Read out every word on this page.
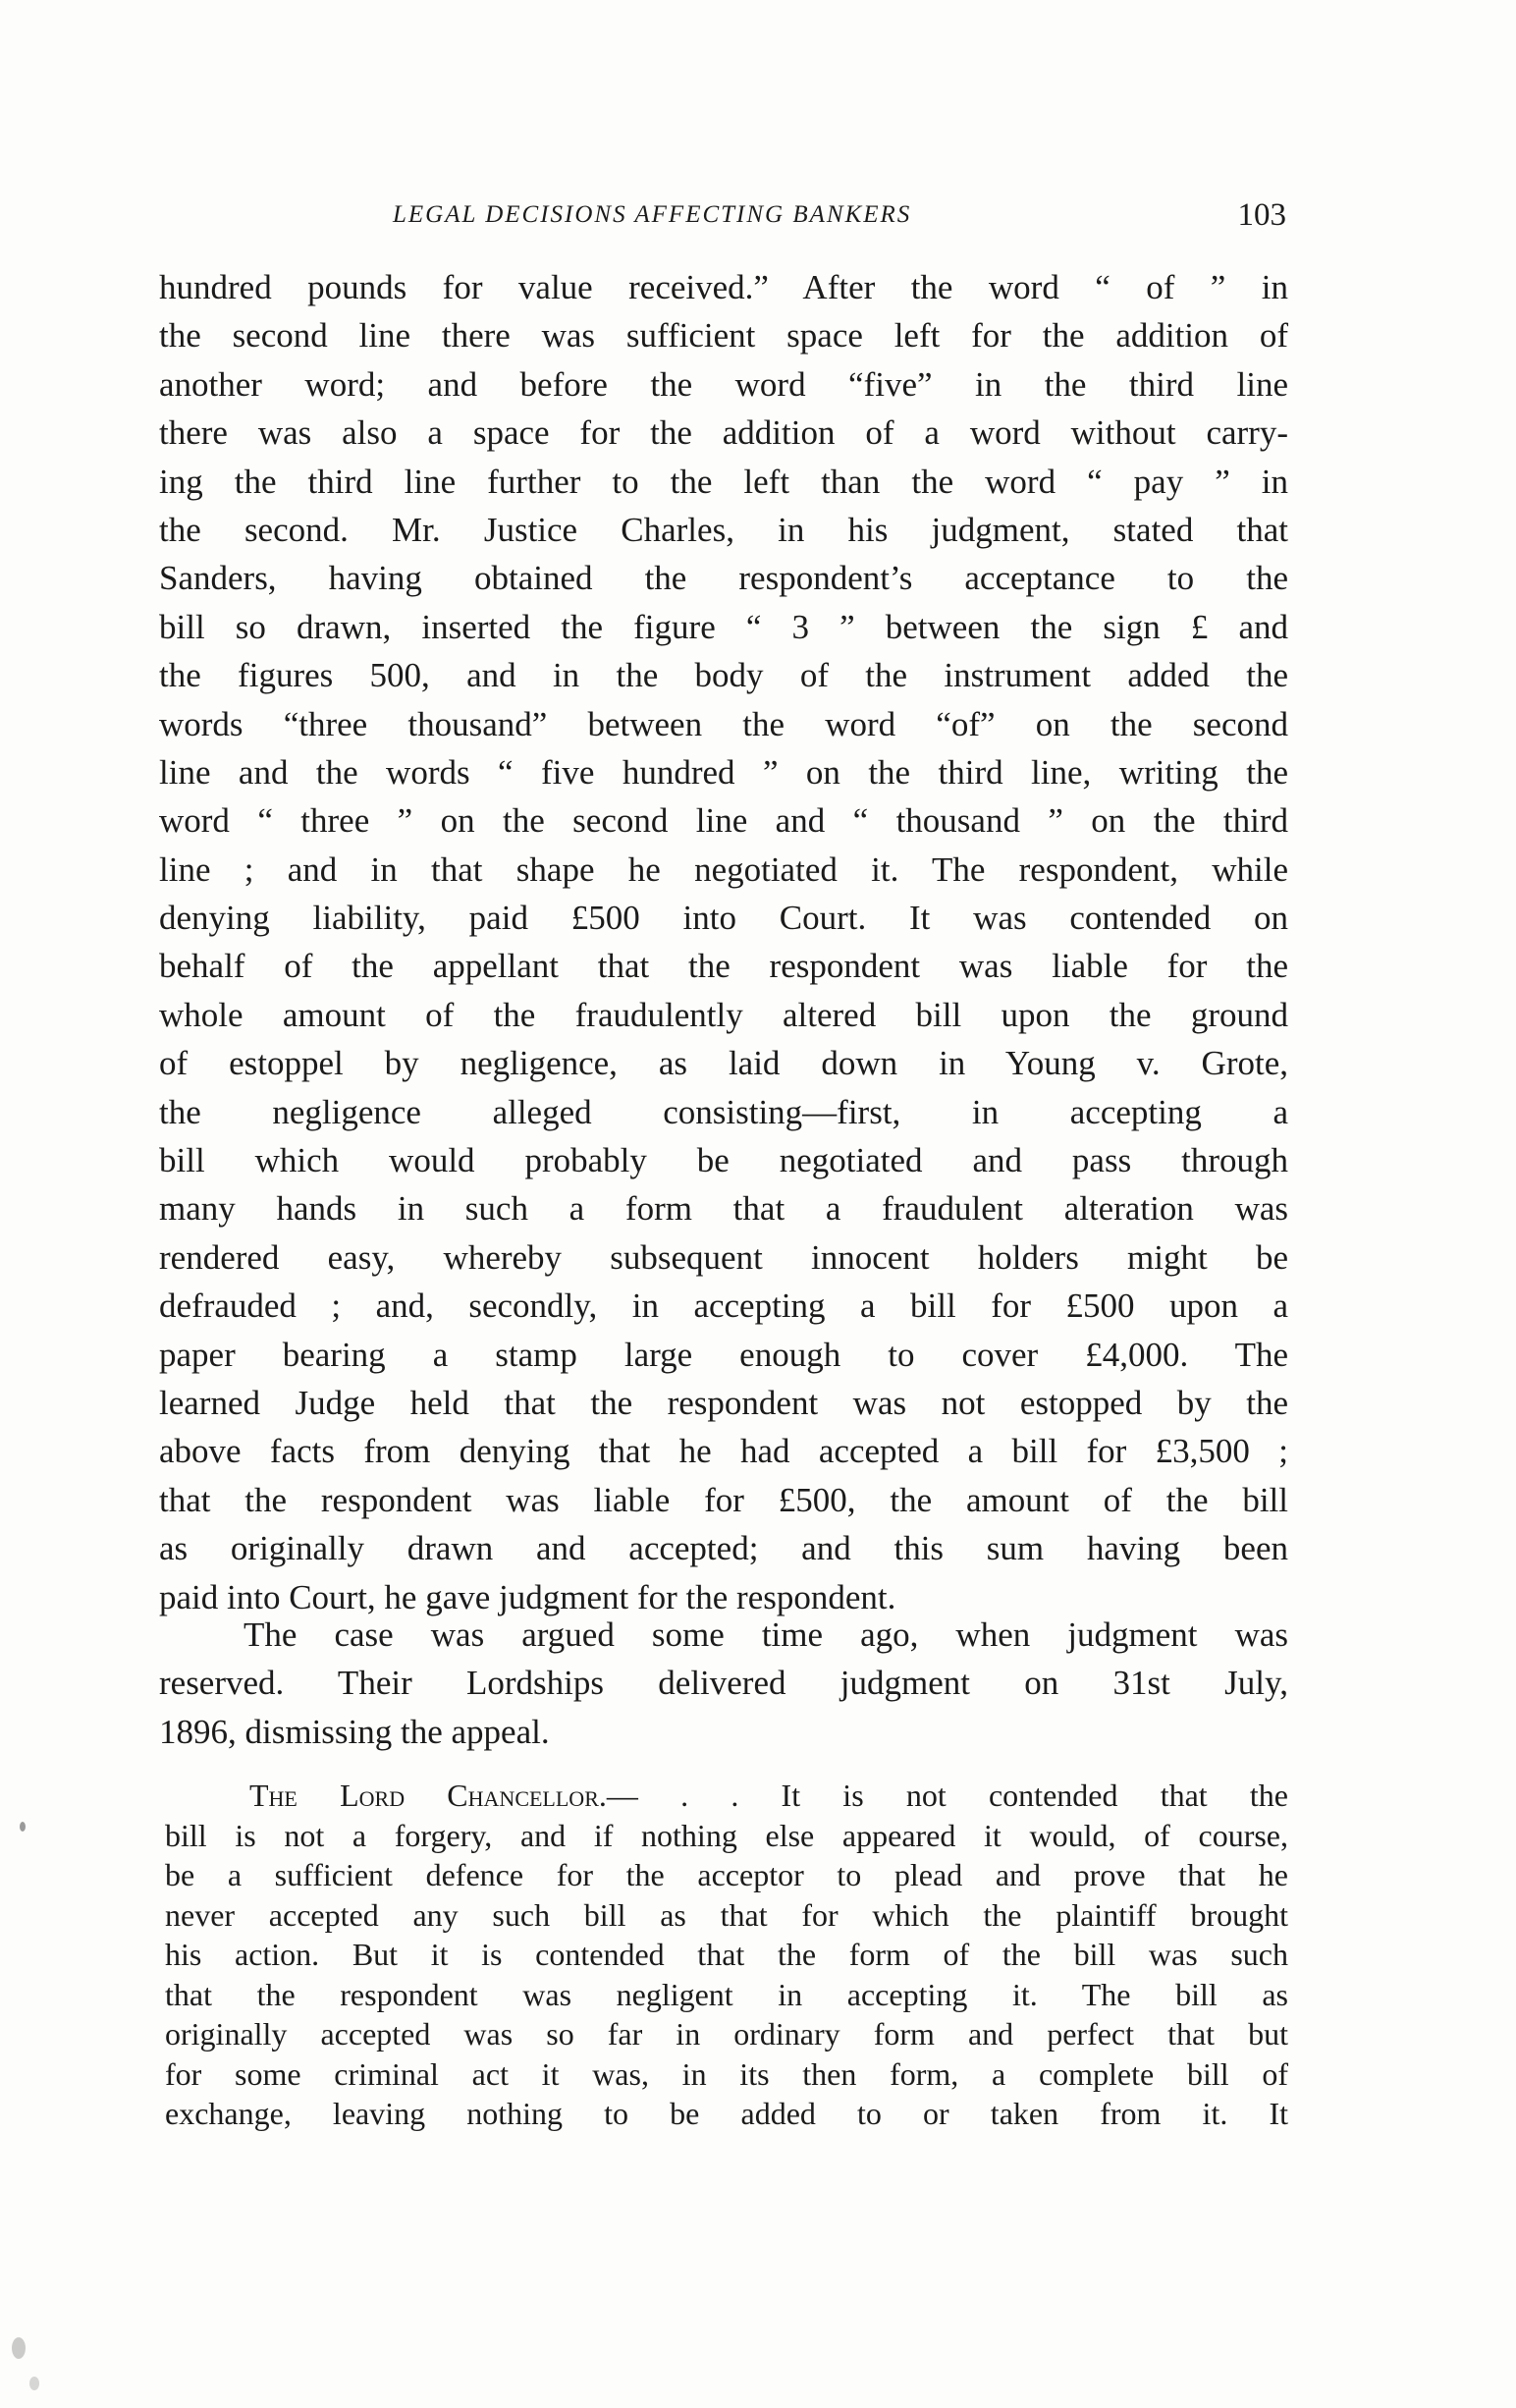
LEGAL DECISIONS AFFECTING BANKERS	103
hundred pounds for value received.” After the word “ of ” in
the second line there was sufficient space left for the addition of
another word; and before the word “five” in the third line
there was also a space for the addition of a word without carry-
ing the third line further to the left than the word “ pay ” in
the second. Mr. Justice Charles, in his judgment, stated that
Sanders, having obtained the respondent’s acceptance to the
bill so drawn, inserted the figure “ 3 ” between the sign £ and
the figures 500, and in the body of the instrument added the
words “three thousand” between the word “of” on the second
line and the words “ five hundred ” on the third line, writing the
word “ three ” on the second line and “ thousand ” on the third
line ; and in that shape he negotiated it. The respondent, while
denying liability, paid £500 into Court. It was contended on
behalf of the appellant that the respondent was liable for the
whole amount of the fraudulently altered bill upon the ground
of estoppel by negligence, as laid down in Young v. Grote,
the negligence alleged consisting—first, in accepting a
bill which would probably be negotiated and pass through
many hands in such a form that a fraudulent alteration was
rendered easy, whereby subsequent innocent holders might be
defrauded ; and, secondly, in accepting a bill for £500 upon a
paper bearing a stamp large enough to cover £4,000. The
learned Judge held that the respondent was not estopped by the
above facts from denying that he had accepted a bill for £3,500 ;
that the respondent was liable for £500, the amount of the bill
as originally drawn and accepted; and this sum having been
paid into Court, he gave judgment for the respondent.
The case was argued some time ago, when judgment was
reserved. Their Lordships delivered judgment on 31st July,
1896, dismissing the appeal.
The Lord Chancellor.— . . It is not contended that the
bill is not a forgery, and if nothing else appeared it would, of course,
be a sufficient defence for the acceptor to plead and prove that he
never accepted any such bill as that for which the plaintiff brought
his action. But it is contended that the form of the bill was such
that the respondent was negligent in accepting it. The bill as
originally accepted was so far in ordinary form and perfect that but
for some criminal act it was, in its then form, a complete bill of
exchange, leaving nothing to be added to or taken from it. It
